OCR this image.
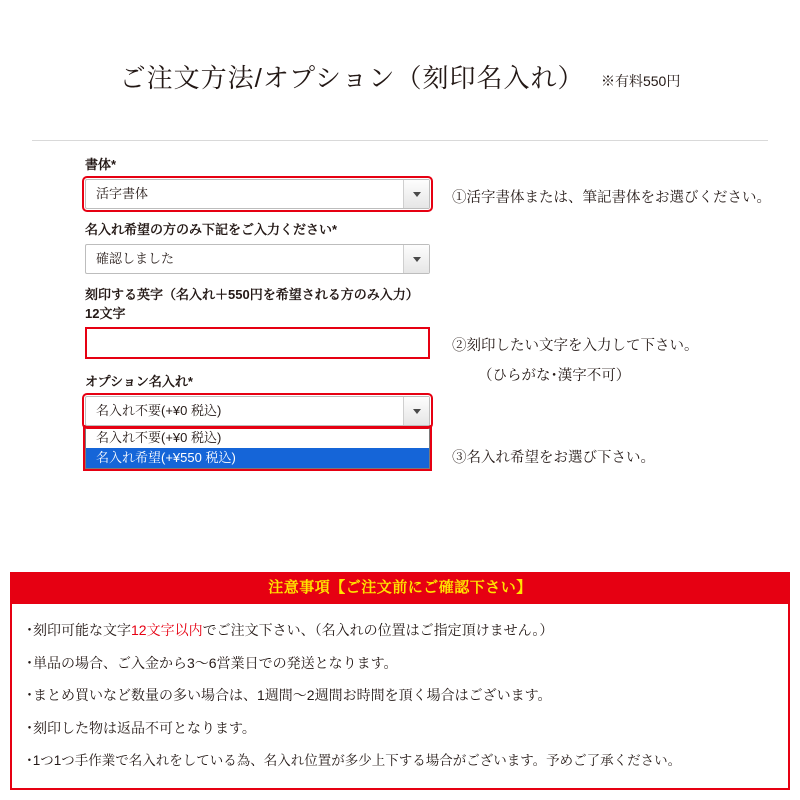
ご注文方法/オプション（刻印名入れ） ※有料550円
書体*
活字書体
名入れ希望の方のみ下記をご入力ください*
確認しました
刻印する英字（名入れ＋550円を希望される方のみ入力）12文字
オプション名入れ*
名入れ不要(+¥0 税込)
名入れ不要(+¥0 税込)
名入れ希望(+¥550 税込)
①活字書体または、筆記書体をお選びください。
②刻印したい文字を入力して下さい。
（ひらがな･漢字不可）
③名入れ希望をお選び下さい。
注意事項【ご注文前にご確認下さい】
･刻印可能な文字12文字以内でご注文下さい、（名入れの位置はご指定頂けません。）
･単品の場合、ご入金から3〜6営業日での発送となります。
･まとめ買いなど数量の多い場合は、1週間〜2週間お時間を頂く場合はございます。
･刻印した物は返品不可となります。
･1つ1つ手作業で名入れをしている為、名入れ位置が多少上下する場合がございます。予めご了承ください。
